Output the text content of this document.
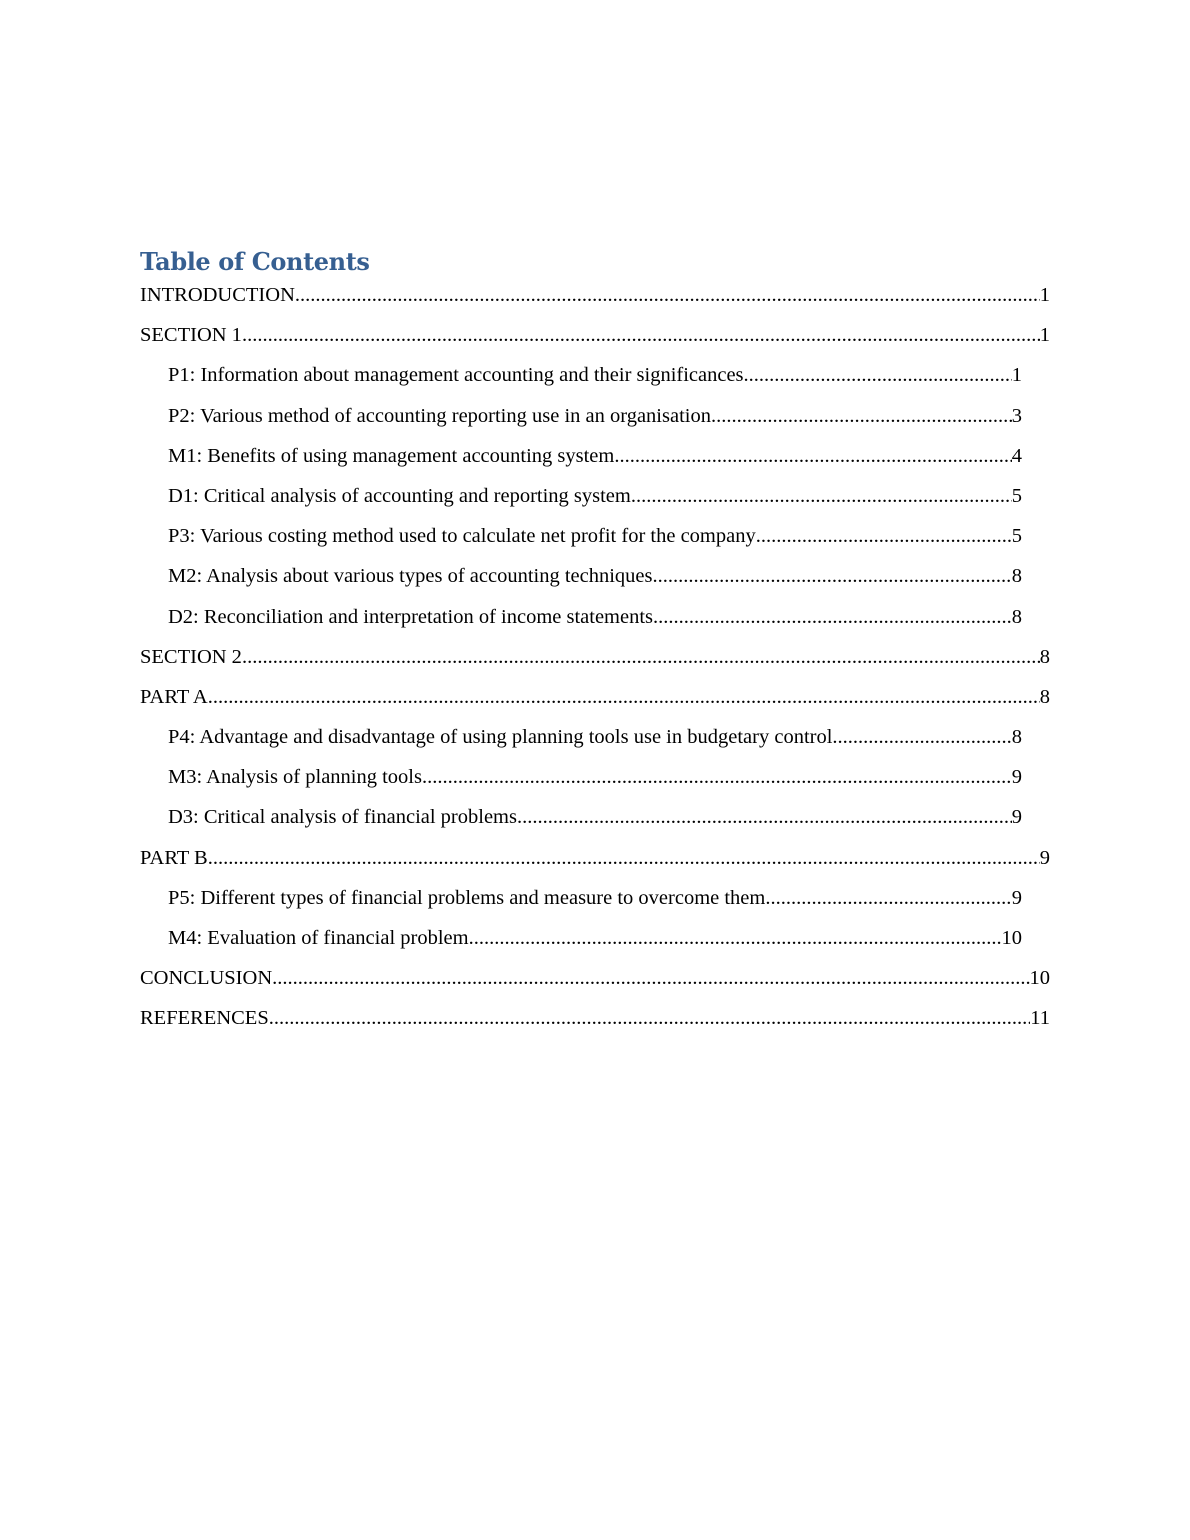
Table of Contents
INTRODUCTION .....	1
SECTION 1 .....	1
P1: Information about management accounting and their significances .....	1
P2: Various method of accounting reporting use in an organisation .....	3
M1: Benefits of using management accounting system .....	4
D1: Critical analysis of accounting and reporting system .....	5
P3: Various costing method used to calculate net profit for the company .....	5
M2: Analysis about various types of accounting techniques .....	8
D2: Reconciliation and interpretation of income statements .....	8
SECTION 2 .....	8
PART A .....	8
P4: Advantage and disadvantage of using planning tools use in budgetary control .....	8
M3: Analysis of planning tools .....	9
D3: Critical analysis of financial problems .....	9
PART B .....	9
P5: Different types of financial problems and measure to overcome them .....	9
M4: Evaluation of financial problem .....	10
CONCLUSION .....	10
REFERENCES .....	11
